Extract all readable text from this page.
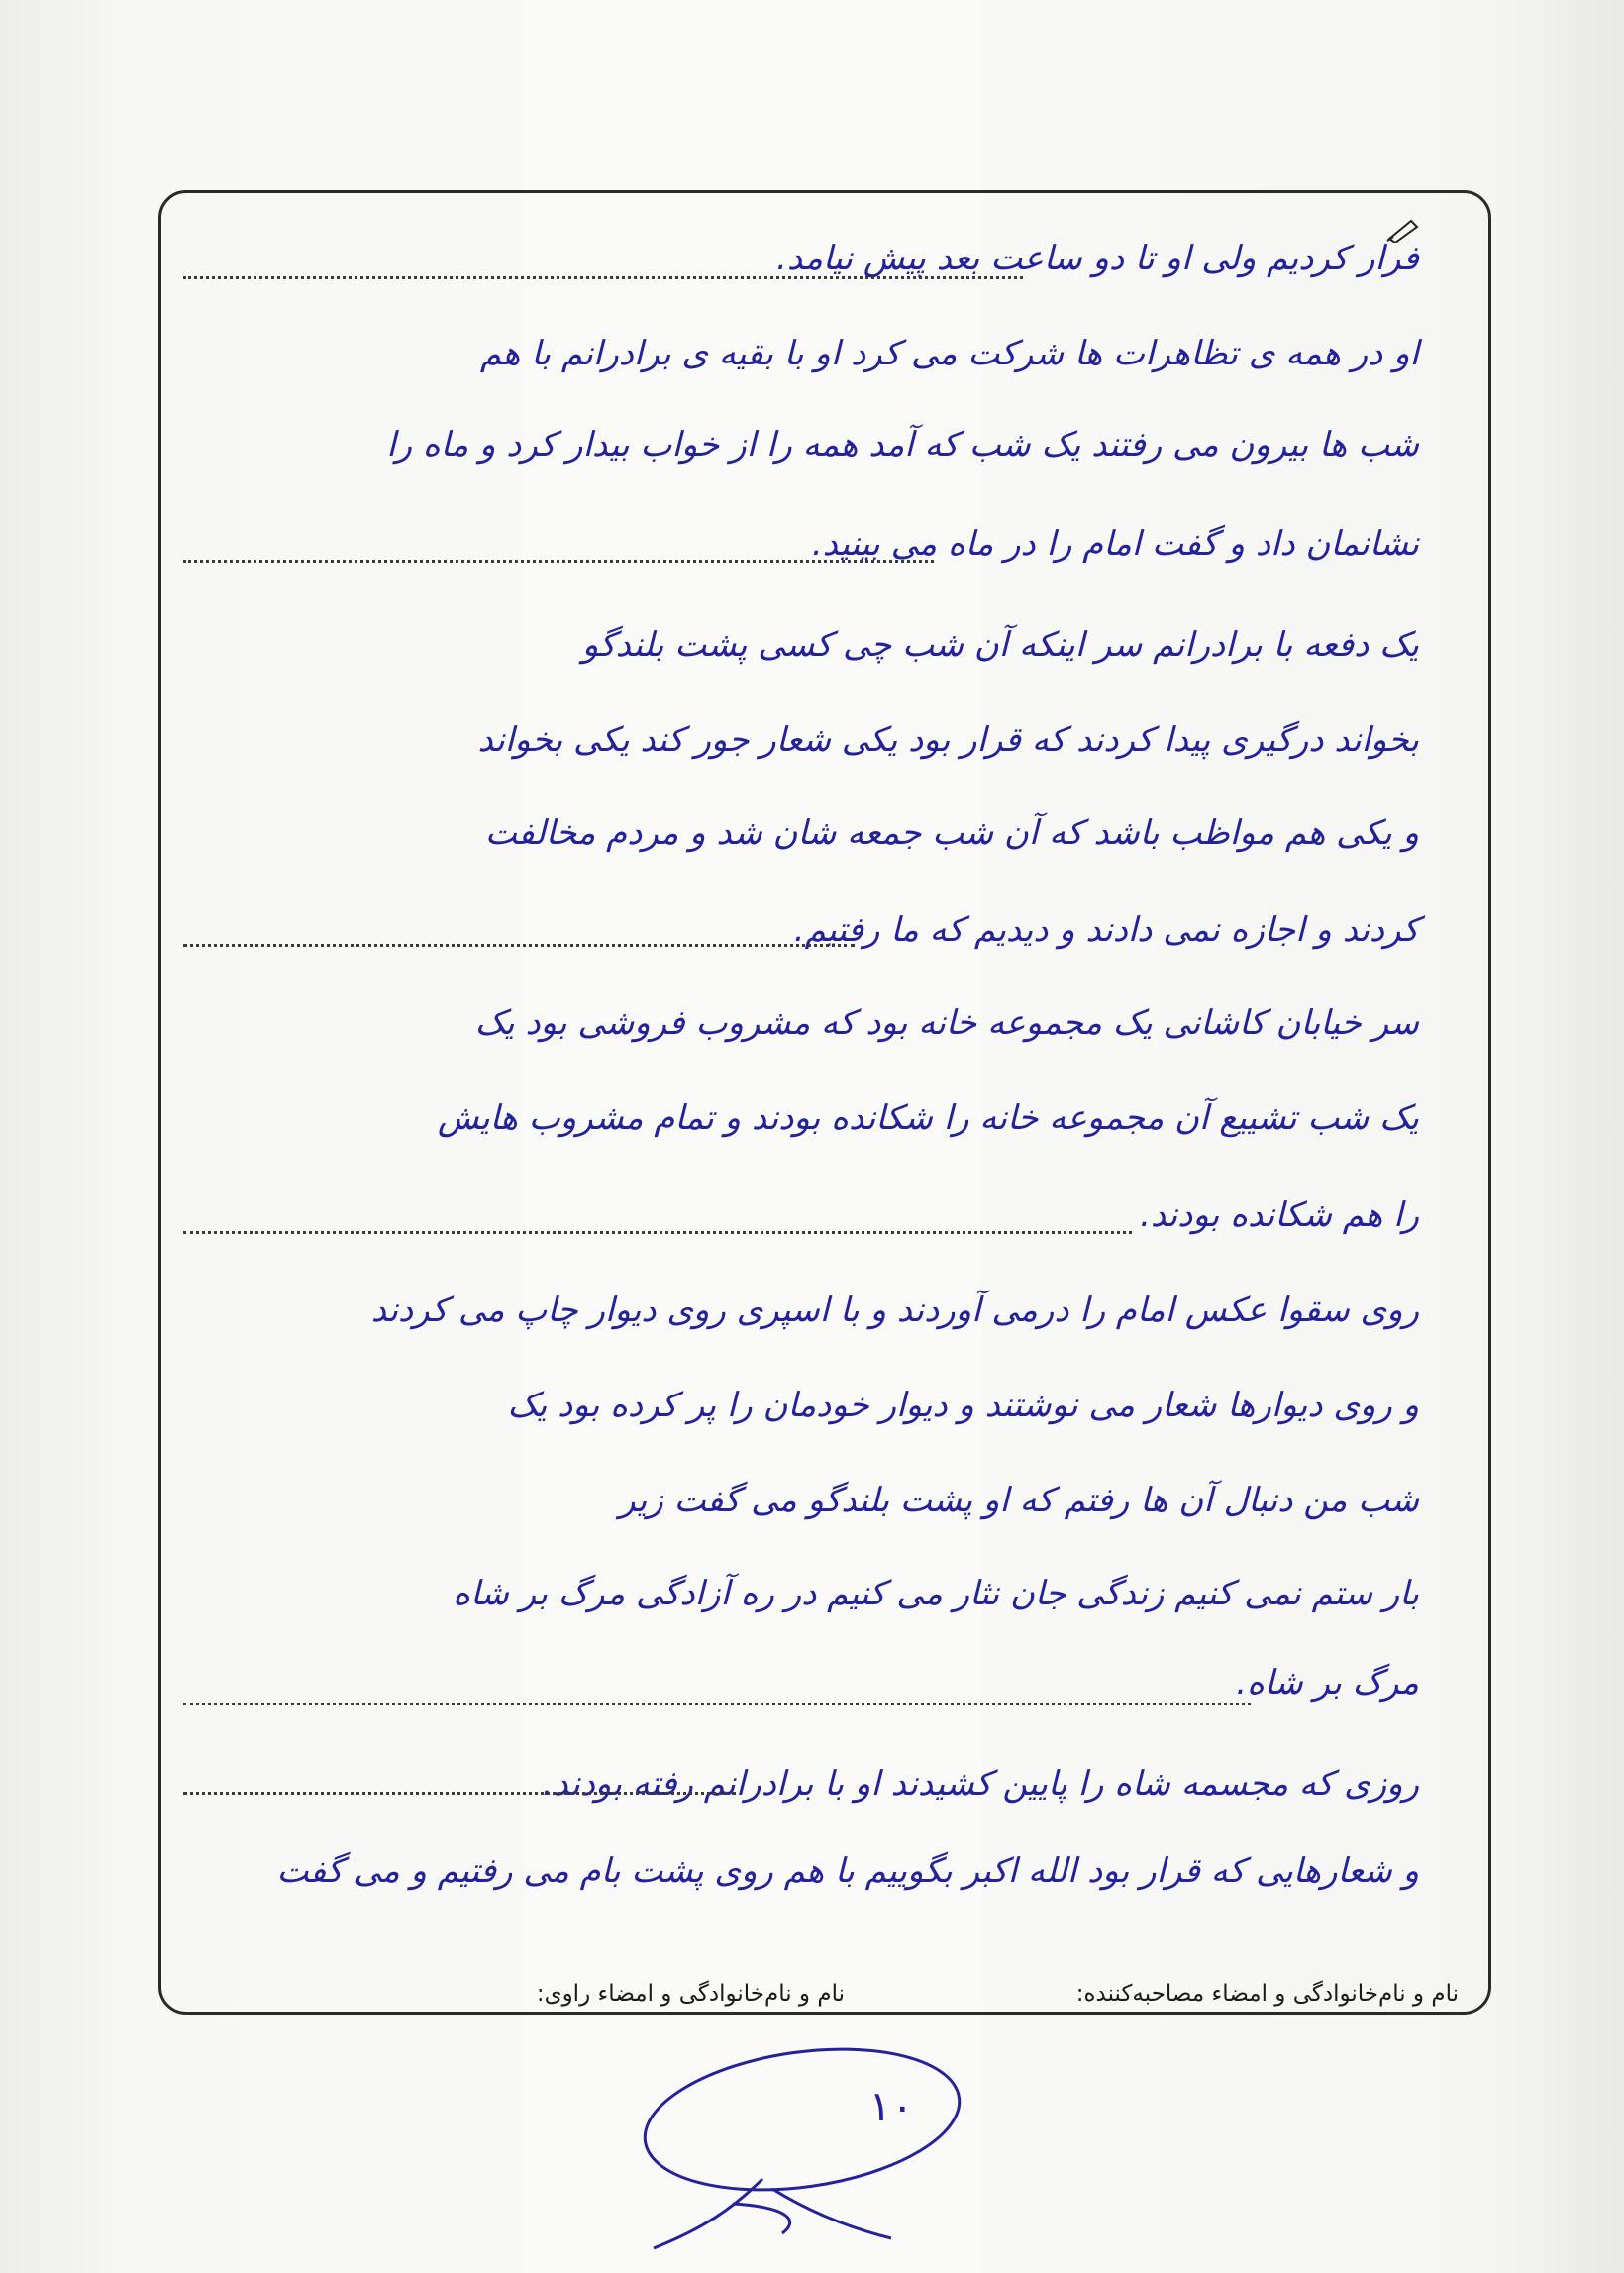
فرار کردیم ولی او تا دو ساعت بعد پیش نیامد.
او در همه ی تظاهرات ها شرکت می کرد او با بقیه ی برادرانم با هم
شب ها بیرون می رفتند یک شب که آمد همه را از خواب بیدار کرد و ماه را
نشانمان داد و گفت امام را در ماه می بینید.
یک دفعه با برادرانم سر اینکه آن شب چی کسی پشت بلندگو
بخواند درگیری پیدا کردند که قرار بود یکی شعار جور کند یکی بخواند
و یکی هم مواظب باشد که آن شب جمعه شان شد و مردم مخالفت
کردند و اجازه نمی دادند و دیدیم که ما رفتیم.
سر خیابان کاشانی یک مجموعه خانه بود که مشروب فروشی بود یک
یک شب تشییع آن مجموعه خانه را شکانده بودند و تمام مشروب هایش
را هم شکانده بودند.
روی سقوا عکس امام را درمی آوردند و با اسپری روی دیوار چاپ می کردند
و روی دیوارها شعار می نوشتند و دیوار خودمان را پر کرده بود یک
شب من دنبال آن ها رفتم که او پشت بلندگو می گفت زیر
بار ستم نمی کنیم زندگی جان نثار می کنیم در ره آزادگی مرگ بر شاه
مرگ بر شاه.
روزی که مجسمه شاه را پایین کشیدند او با برادرانم رفته بودند.
و شعارهایی که قرار بود الله اکبر بگوییم با هم روی پشت بام می رفتیم و می گفت
نام و نام‌خانوادگی و امضاء مصاحبه‌کننده:
نام و نام‌خانوادگی و امضاء راوی:
۱۰
